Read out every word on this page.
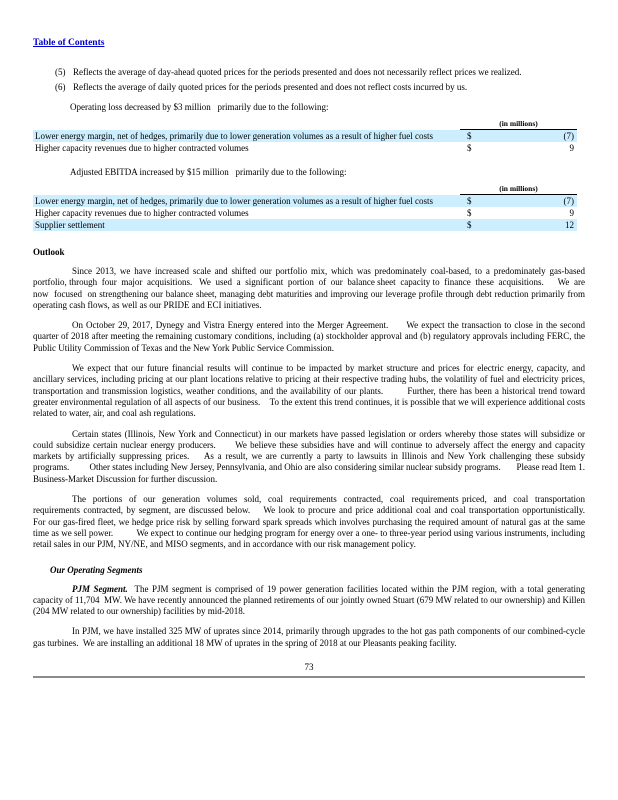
Table of Contents
(5) Reflects the average of day-ahead quoted prices for the periods presented and does not necessarily reflect prices we realized.
(6) Reflects the average of daily quoted prices for the periods presented and does not reflect costs incurred by us.

Operating loss decreased by $3 million   primarily due to the following:

(in millions)
Lower energy margin, net of hedges, primarily due to lower generation volumes as a result of higher fuel costs	$	(7)
Higher capacity revenues due to higher contracted volumes	$	9

Adjusted EBITDA increased by $15 million   primarily due to the following:

(in millions)
Lower energy margin, net of hedges, primarily due to lower generation volumes as a result of higher fuel costs	$	(7)
Higher capacity revenues due to higher contracted volumes	$	9
Supplier settlement	$	12
Outlook

Since 2013, we have increased scale and shifted our portfolio mix, which was predominately coal-based, to a predominately gas-based portfolio, through  four  major  acquisitions.   We  used  a  significant  portion  of  our  balance sheet  capacity to  finance  these  acquisitions.      We  are  now  focused  on strengthening our balance sheet, managing debt maturities and improving our leverage profile through debt reduction primarily from operating cash flows, as well as our PRIDE and ECI initiatives.

On October 29, 2017, Dynegy and Vistra Energy entered into the Merger Agreement.      We expect the transaction to close in the second quarter of 2018 after meeting the remaining customary conditions, including (a) stockholder approval and (b) regulatory approvals including FERC, the Public Utility Commission of Texas and the New York Public Service Commission.

We expect that our future financial results will continue to be impacted by market structure and prices for electric energy, capacity, and ancillary services, including pricing at our plant locations relative to pricing at their respective trading hubs, the volatility of fuel and electricity prices, transportation and transmission logistics, weather conditions, and the availability of our plants.        Further, there has been a historical trend toward greater environmental regulation of all aspects of our business.    To the extent this trend continues, it is possible that we will experience additional costs related to water, air, and coal ash regulations.

Certain states (Illinois, New York and Connecticut) in our markets have passed legislation or orders whereby those states will subsidize or could subsidize certain nuclear energy producers.      We believe these subsidies have and will continue to adversely affect the energy and capacity markets by artificially suppressing prices.    As a result, we are currently a party to lawsuits in Illinois and New York challenging these subsidy programs.         Other states including New Jersey, Pennsylvania, and Ohio are also considering similar nuclear subsidy programs.       Please read Item 1. Business-Market Discussion for further discussion.

The  portions  of  our  generation  volumes  sold,  coal  requirements  contracted,  coal  requirements priced,  and  coal  transportation  requirements contracted, by segment, are discussed below.    We look to procure and price additional coal and coal transportation opportunistically.        For our gas-fired fleet, we hedge price risk by selling forward spark spreads which involves purchasing the required amount of natural gas at the same time as we sell power.          We expect to continue our hedging program for energy over a one- to three-year period using various instruments, including retail sales in our PJM, NY/NE, and MISO segments, and in accordance with our risk management policy.

Our Operating Segments

PJM Segment.  The PJM segment is comprised of 19 power generation facilities located within the PJM region, with a total generating capacity of 11,704  MW. We have recently announced the planned retirements of our jointly owned Stuart (679 MW related to our ownership) and Killen (204 MW related to our ownership) facilities by mid-2018.

In PJM, we have installed 325 MW of uprates since 2014, primarily through upgrades to the hot gas path components of our combined-cycle gas turbines.  We are installing an additional 18 MW of uprates in the spring of 2018 at our Pleasants peaking facility.

73
